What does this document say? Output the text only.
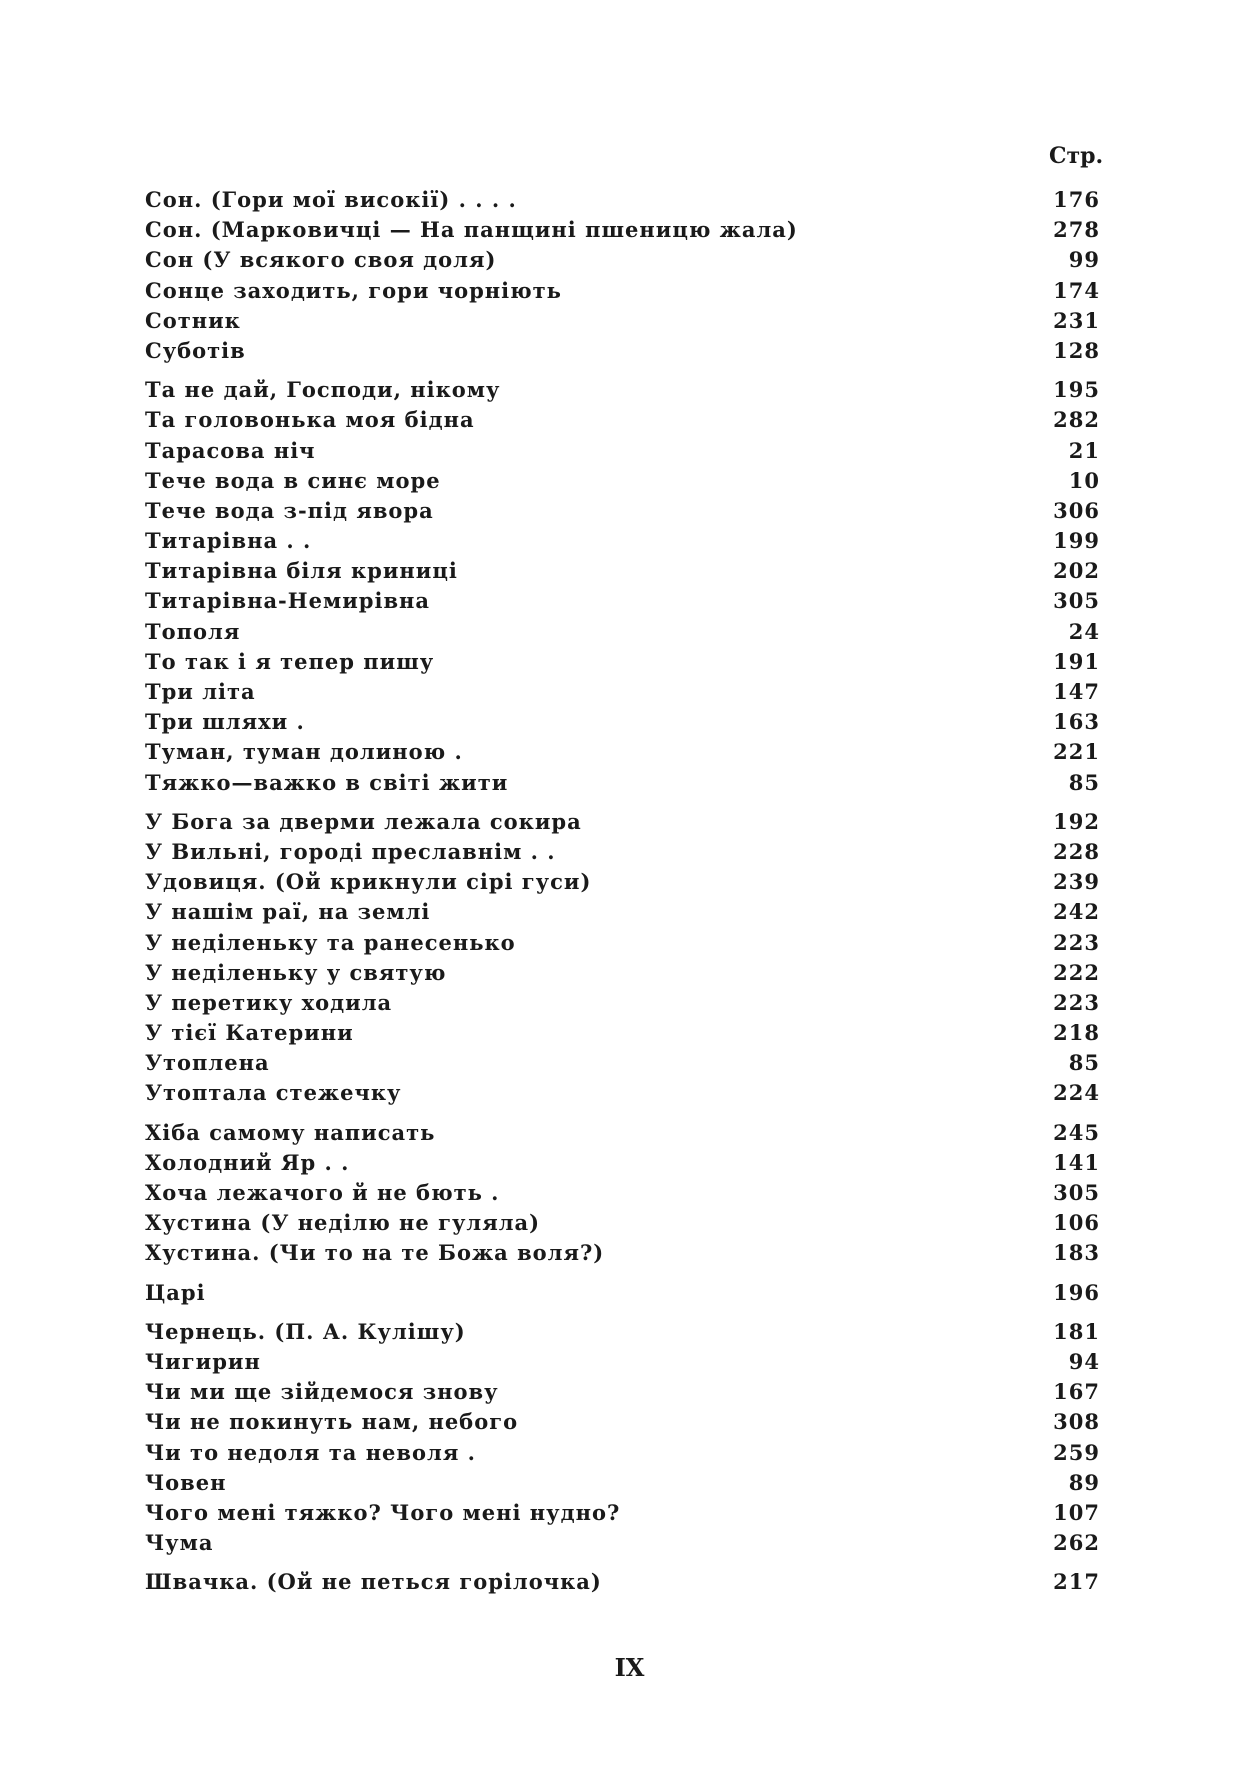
Стр.
Сон. (Гори мої високії) . . . .	176
Сон. (Марковичці — На панщині пшеницю жала)	278
Сон (У всякого своя доля)	99
Сонце заходить, гори чорніють	174
Сотник	231
Суботів	128
Та не дай, Господи, нікому	195
Та головонька моя бідна	282
Тарасова ніч	21
Тече вода в синє море	10
Тече вода з-під явора	306
Титарівна . .	199
Титарівна біля криниці	202
Титарівна-Немирівна	305
Тополя	24
То так і я тепер пишу	191
Три літа	147
Три шляхи .	163
Туман, туман долиною .	221
Тяжко—важко в світі жити	85
У Бога за дверми лежала сокира	192
У Вильні, городі преславнім . .	228
Удовиця. (Ой крикнули сірі гуси)	239
У нашім раї, на землі	242
У неділеньку та ранесенько	223
У неділеньку у святую	222
У перетику ходила	223
У тієї Катерини	218
Утоплена	85
Утоптала стежечку	224
Хіба самому написать	245
Холодний Яр . .	141
Хоча лежачого й не бють .	305
Хустина (У неділю не гуляла)	106
Хустина. (Чи то на те Божа воля?)	183
Царі	196
Чернець. (П. А. Кулішу)	181
Чигирин	94
Чи ми ще зійдемося знову	167
Чи не покинуть нам, небого	308
Чи то недоля та неволя .	259
Човен	89
Чого мені тяжко? Чого мені нудно?	107
Чума	262
Швачка. (Ой не петься горілочка)	217
IX
